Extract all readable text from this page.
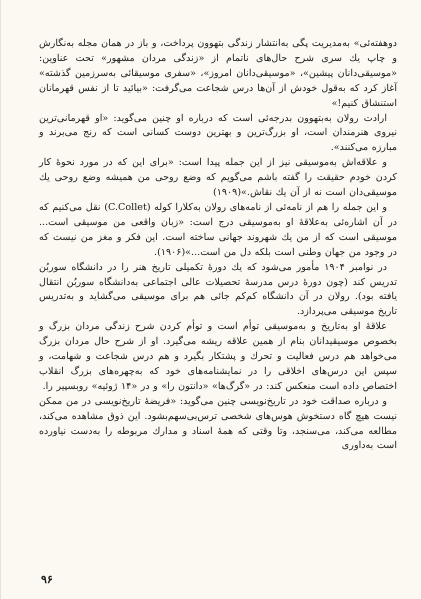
دوهفته‌ئی» به‌مدیریت پگی به‌انتشار زندگی بتهوون پرداخت، و باز در همان مجله به‌نگارش و چاپ یك سری شرح حال‌های ناتمام از «زندگی مردان مشهور» تحت عناوین: «موسیقی‌دانان پیشین»، «موسیقی‌دانان امروز»، «سفری موسیقائی به‌سرزمین گذشته» آغاز کرد که به‌قول خودش از آن‌ها درس شجاعت می‌گرفت: «بیائید تا از نفس قهرمانان استنشاق کنیم!»

ارادت رولان به‌بتهوون بدرجه‌ئی است که درباره او چنین می‌گوید: «او قهرمانی‌ترین نیروی هنرمندان است، او بزرگ‌ترین و بهترین دوست کسانی است که رنج می‌برند و مبارزه می‌کنند».

و علاقه‌اش به‌موسیقی نیز از این جمله پیدا است: «برای این که در مورد نحوهٔ کار کردن خودم حقیقت را گفته باشم می‌گویم که وضع روحی من همیشه وضع روحی یك موسیقی‌دان است نه از آن یك نقاش.»(۱۹۰۹)

و این جمله را هم از نامه‌ئی از نامه‌های رولان به‌کلارا کوله (C.Collet) نقل می‌کنیم که در آن اشاره‌ئی به‌علاقهٔ او به‌موسیقی درج است: «زبان واقعی من موسیقی است... موسیقی است که از من یك شهروند جهانی ساخته است. این فکر و مغز من نیست که در وجود من جهان وطنی است بلکه دل من است...»(۱۹۰۶).

در نوامبر ۱۹۰۴ مأمور می‌شود که یك دورهٔ تکمیلی تاریخ هنر را در دانشگاه سوربُن تدریس کند (چون دورهٔ درس مدرسهٔ تحصیلات عالی اجتماعی به‌دانشگاه سوربُن انتقال یافته بود). رولان در آن دانشگاه کم‌کم جائی هم برای موسیقی می‌گشاید و به‌تدریس تاریخ موسیقی می‌پردازد.

علاقهٔ او به‌تاریخ و به‌موسیقی توأم است و توأم کردن شرح زندگی مردان بزرگ و بخصوص موسیقیدانان بنام از همین علاقه ریشه می‌گیرد. او از شرح حال مردان بزرگ می‌خواهد هم درس فعالیت و تحرك و پشتکار بگیرد و هم درس شجاعت و شهامت، و سپس این درس‌های اخلاقی را در نمایشنامه‌های خود که به‌چهره‌های بزرگ انقلاب اختصاص داده است منعکس کند: در «گرگ‌ها» «دانتون را» و در «۱۴ ژوئیه» روبسپیر را.

و درباره صداقت خود در تاریخ‌نویسی چنین می‌گوید: «فریضهٔ تاریخ‌نویسی در من ممکن نیست هیچ گاه دستخوش هوس‌های شخصی ترس‌بی‌سهم‌بشود. این ذوق مشاهده می‌کند، مطالعه می‌کند، می‌سنجد، وتا وقتی که همهٔ اسناد و مدارك مربوطه را به‌دست نیاورده است به‌داوری

۹۶
